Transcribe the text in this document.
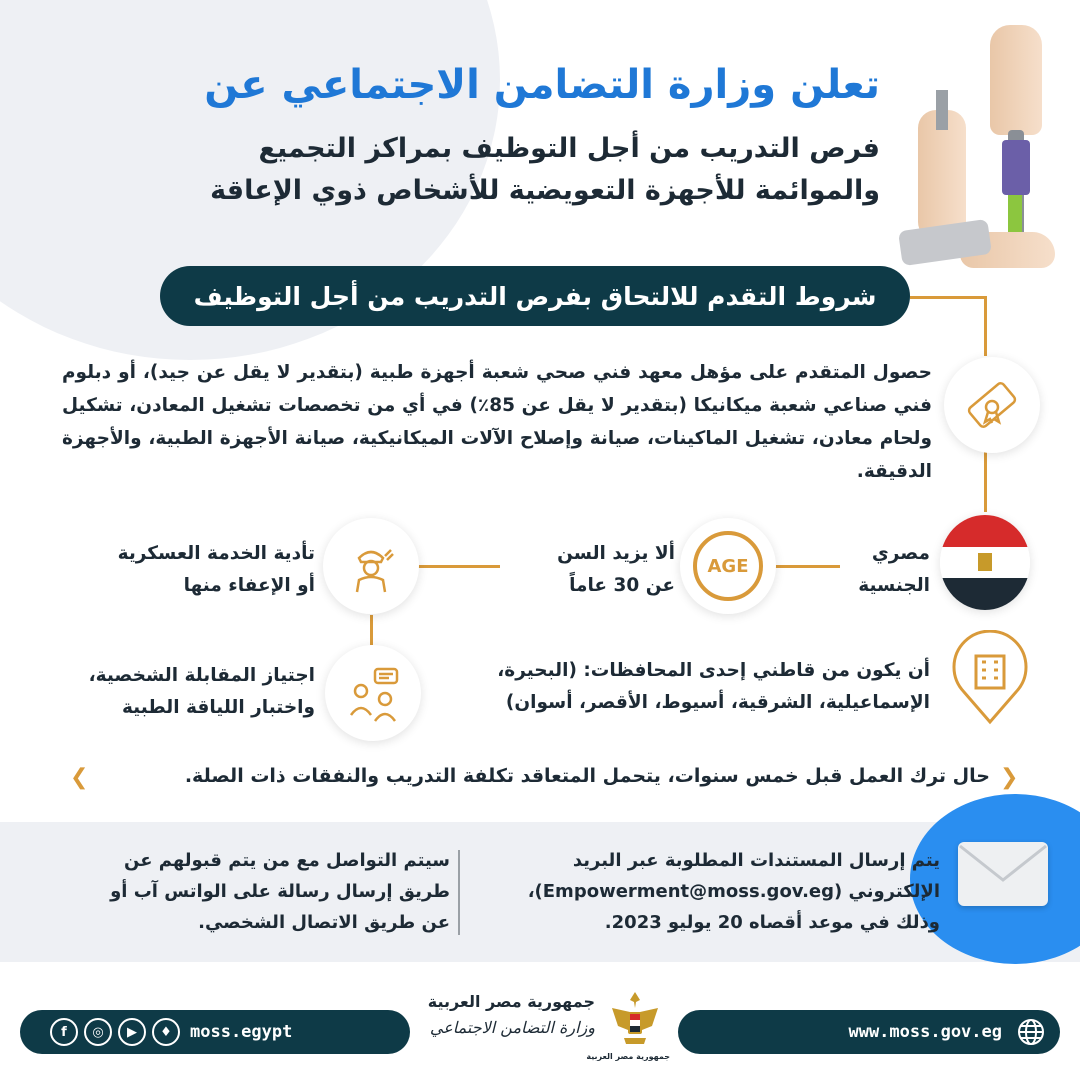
تعلن وزارة التضامن الاجتماعي عن
فرص التدريب من أجل التوظيف بمراكز التجميع
والموائمة للأجهزة التعويضية للأشخاص ذوي الإعاقة
شروط التقدم للالتحاق بفرص التدريب من أجل التوظيف
حصول المتقدم على مؤهل معهد فني صحي شعبة أجهزة طبية (بتقدير لا يقل عن جيد)، أو دبلوم فني صناعي شعبة ميكانيكا (بتقدير لا يقل عن 85٪) في أي من تخصصات تشغيل المعادن، تشكيل ولحام معادن، تشغيل الماكينات، صيانة وإصلاح الآلات الميكانيكية، صيانة الأجهزة الطبية، والأجهزة الدقيقة.
مصري
الجنسية
AGE
ألا يزيد السن
عن 30 عاماً
تأدية الخدمة العسكرية
أو الإعفاء منها
أن يكون من قاطني إحدى المحافظات: (البحيرة،
الإسماعيلية، الشرقية، أسيوط، الأقصر، أسوان)
اجتياز المقابلة الشخصية،
واختبار اللياقة الطبية
❮	❯
حال ترك العمل قبل خمس سنوات، يتحمل المتعاقد تكلفة التدريب والنفقات ذات الصلة.
يتم إرسال المستندات المطلوبة عبر البريد
الإلكتروني (Empowerment@moss.gov.eg)،
وذلك في موعد أقصاه 20 يوليو 2023.
سيتم التواصل مع من يتم قبولهم عن
طريق إرسال رسالة على الواتس آب أو
عن طريق الاتصال الشخصي.
f	◎	▶	♦	moss.egypt
جمهورية مصر العربية
وزارة التضامن الاجتماعي
جمهورية مصر العربية
www.moss.gov.eg
